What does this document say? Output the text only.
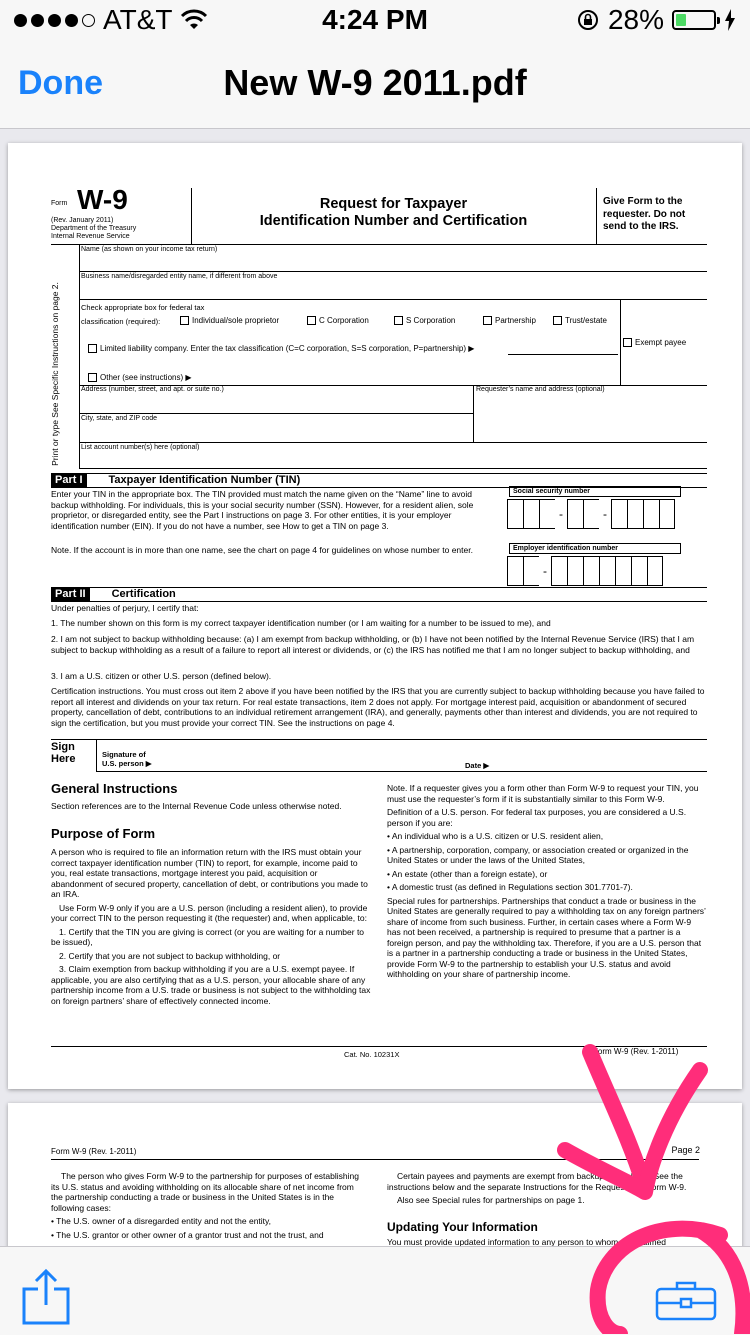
AT&T	4:24 PM	28%
Done	New W-9 2011.pdf
Form W-9
(Rev. January 2011)
Department of the Treasury
Internal Revenue Service
Request for Taxpayer
Identification Number and Certification
Give Form to the requester. Do not send to the IRS.
Print or type See Specific Instructions on page 2.
Name (as shown on your income tax return)
Business name/disregarded entity name, if different from above
Check appropriate box for federal tax
classification (required):	Individual/sole proprietor	C Corporation	S Corporation	Partnership	Trust/estate
Exempt payee
Limited liability company. Enter the tax classification (C=C corporation, S=S corporation, P=partnership) ▶
Other (see instructions) ▶
Address (number, street, and apt. or suite no.)	Requester’s name and address (optional)
City, state, and ZIP code
List account number(s) here (optional)
Part I Taxpayer Identification Number (TIN)
Enter your TIN in the appropriate box. The TIN provided must match the name given on the “Name” line to avoid backup withholding. For individuals, this is your social security number (SSN). However, for a resident alien, sole proprietor, or disregarded entity, see the Part I instructions on page 3. For other entities, it is your employer identification number (EIN). If you do not have a number, see How to get a TIN on page 3.
Note. If the account is in more than one name, see the chart on page 4 for guidelines on whose number to enter.
Social security number
-	-
Employer identification number
-
Part II Certification
Under penalties of perjury, I certify that:
1. The number shown on this form is my correct taxpayer identification number (or I am waiting for a number to be issued to me), and
2. I am not subject to backup withholding because: (a) I am exempt from backup withholding, or (b) I have not been notified by the Internal Revenue Service (IRS) that I am subject to backup withholding as a result of a failure to report all interest or dividends, or (c) the IRS has notified me that I am no longer subject to backup withholding, and
3. I am a U.S. citizen or other U.S. person (defined below).
Certification instructions. You must cross out item 2 above if you have been notified by the IRS that you are currently subject to backup withholding because you have failed to report all interest and dividends on your tax return. For real estate transactions, item 2 does not apply. For mortgage interest paid, acquisition or abandonment of secured property, cancellation of debt, contributions to an individual retirement arrangement (IRA), and generally, payments other than interest and dividends, you are not required to sign the certification, but you must provide your correct TIN. See the instructions on page 4.
Sign Here	Signature of U.S. person ▶	Date ▶
General Instructions
Section references are to the Internal Revenue Code unless otherwise noted.
Purpose of Form

A person who is required to file an information return with the IRS must obtain your correct taxpayer identification number (TIN) to report, for example, income paid to you, real estate transactions, mortgage interest you paid, acquisition or abandonment of secured property, cancellation of debt, or contributions you made to an IRA.

Use Form W-9 only if you are a U.S. person (including a resident alien), to provide your correct TIN to the person requesting it (the requester) and, when applicable, to:

1. Certify that the TIN you are giving is correct (or you are waiting for a number to be issued),

2. Certify that you are not subject to backup withholding, or

3. Claim exemption from backup withholding if you are a U.S. exempt payee. If applicable, you are also certifying that as a U.S. person, your allocable share of any partnership income from a U.S. trade or business is not subject to the withholding tax on foreign partners’ share of effectively connected income.

Note. If a requester gives you a form other than Form W-9 to request your TIN, you must use the requester’s form if it is substantially similar to this Form W-9.

Definition of a U.S. person. For federal tax purposes, you are considered a U.S. person if you are:

• An individual who is a U.S. citizen or U.S. resident alien,

• A partnership, corporation, company, or association created or organized in the United States or under the laws of the United States,

• An estate (other than a foreign estate), or

• A domestic trust (as defined in Regulations section 301.7701-7).

Special rules for partnerships. Partnerships that conduct a trade or business in the United States are generally required to pay a withholding tax on any foreign partners’ share of income from such business. Further, in certain cases where a Form W-9 has not been received, a partnership is required to presume that a partner is a foreign person, and pay the withholding tax. Therefore, if you are a U.S. person that is a partner in a partnership conducting a trade or business in the United States, provide Form W-9 to the partnership to establish your U.S. status and avoid withholding on your share of partnership income.

Cat. No. 10231X	Form W-9 (Rev. 1-2011)
Form W-9 (Rev. 1-2011)	Page 2

The person who gives Form W-9 to the partnership for purposes of establishing its U.S. status and avoiding withholding on its allocable share of net income from the partnership conducting a trade or business in the United States is in the following cases:

• The U.S. owner of a disregarded entity and not the entity,

• The U.S. grantor or other owner of a grantor trust and not the trust, and

Certain payees and payments are exempt from backup withholding. See the instructions below and the separate Instructions for the Requester of Form W-9.

Also see Special rules for partnerships on page 1.

Updating Your Information
You must provide updated information to any person to whom you claimed
